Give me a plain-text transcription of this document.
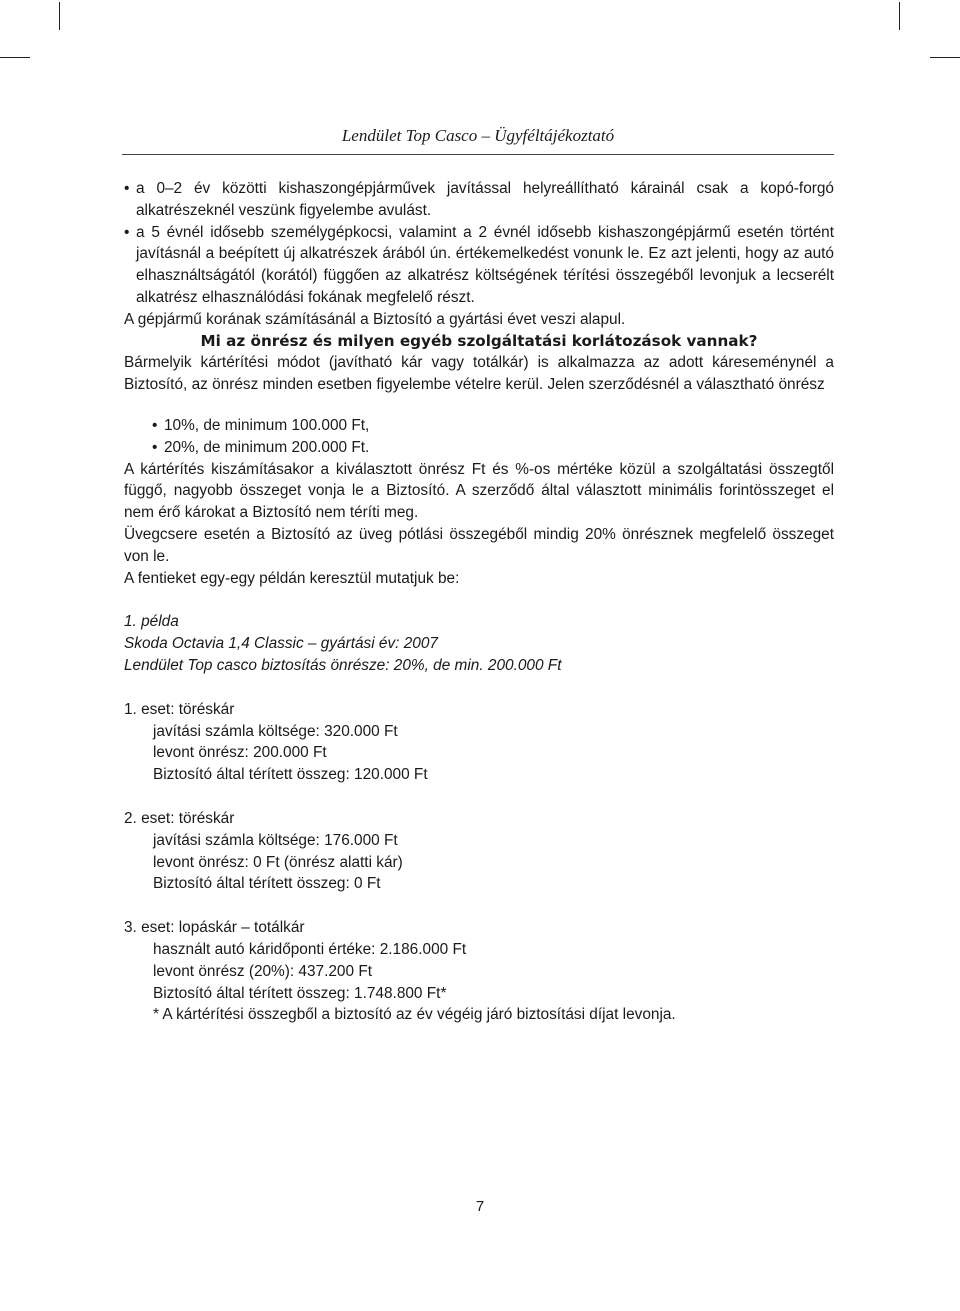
Lendület Top Casco – Ügyféltájékoztató
• a 0–2 év közötti kishaszongépjárművek javítással helyreállítható kárainál csak a kopó-forgó alkatrészeknél veszünk figyelembe avulást.
• a 5 évnél idősebb személygépkocsi, valamint a 2 évnél idősebb kishaszongépjármű esetén történt javításnál a beépített új alkatrészek árából ún. értékemelkedést vonunk le. Ez azt jelenti, hogy az autó elhasználtságától (korától) függően az alkatrész költségének térítési összegéből levonjuk a lecserélt alkatrész elhasználódási fokának megfelelő részt.

A gépjármű korának számításánál a Biztosító a gyártási évet veszi alapul.

Mi az önrész és milyen egyéb szolgáltatási korlátozások vannak?

Bármelyik kártérítési módot (javítható kár vagy totálkár) is alkalmazza az adott káreseménynél a Biztosító, az önrész minden esetben figyelembe vételre kerül. Jelen szerződésnél a választható önrész

• 10%, de minimum 100.000 Ft,
• 20%, de minimum 200.000 Ft.

A kártérítés kiszámításakor a kiválasztott önrész Ft és %-os mértéke közül a szolgáltatási összegtől függő, nagyobb összeget vonja le a Biztosító. A szerződő által választott minimális forintösszeget el nem érő károkat a Biztosító nem téríti meg.

Üvegcsere esetén a Biztosító az üveg pótlási összegéből mindig 20% önrésznek megfelelő összeget von le.

A fentieket egy-egy példán keresztül mutatjuk be:

1. példa

Skoda Octavia 1,4 Classic – gyártási év: 2007

Lendület Top casco biztosítás önrésze: 20%, de min. 200.000 Ft

1. eset: töréskár

javítási számla költsége: 320.000 Ft

levont önrész: 200.000 Ft

Biztosító által térített összeg: 120.000 Ft

2. eset: töréskár

javítási számla költsége: 176.000 Ft

levont önrész: 0 Ft (önrész alatti kár)

Biztosító által térített összeg: 0 Ft

3. eset: lopáskár – totálkár

használt autó káridőponti értéke: 2.186.000 Ft

levont önrész (20%): 437.200 Ft

Biztosító által térített összeg: 1.748.800 Ft*

* A kártérítési összegből a biztosító az év végéig járó biztosítási díjat levonja.

7
